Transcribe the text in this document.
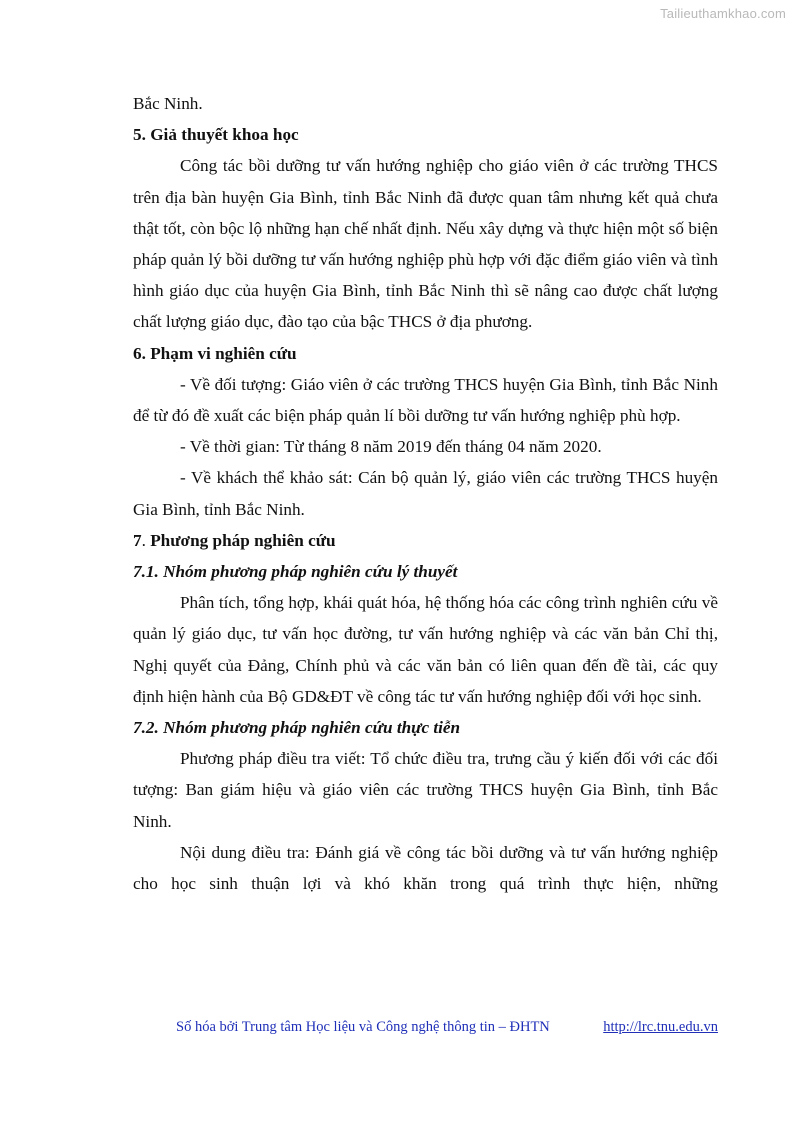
Tailieuthamkhao.com

Bắc Ninh.

5. Giả thuyết khoa học

Công tác bồi dưỡng tư vấn hướng nghiệp cho giáo viên ở các trường THCS trên địa bàn huyện Gia Bình, tỉnh Bắc Ninh đã được quan tâm nhưng kết quả chưa thật tốt, còn bộc lộ những hạn chế nhất định. Nếu xây dựng và thực hiện một số biện pháp quản lý bồi dưỡng tư vấn hướng nghiệp phù hợp với đặc điểm giáo viên và tình hình giáo dục của huyện Gia Bình, tỉnh Bắc Ninh thì sẽ nâng cao được chất lượng chất lượng giáo dục, đào tạo của bậc THCS ở địa phương.

6. Phạm vi nghiên cứu

- Về đối tượng: Giáo viên ở các trường THCS huyện Gia Bình, tỉnh Bắc Ninh để từ đó đề xuất các biện pháp quản lí bồi dưỡng tư vấn hướng nghiệp phù hợp.

- Về thời gian: Từ tháng 8 năm 2019 đến tháng 04 năm 2020.

- Về khách thể khảo sát: Cán bộ quản lý, giáo viên các trường THCS huyện Gia Bình, tỉnh Bắc Ninh.

7. Phương pháp nghiên cứu

7.1. Nhóm phương pháp nghiên cứu lý thuyết

Phân tích, tổng hợp, khái quát hóa, hệ thống hóa các công trình nghiên cứu về quản lý giáo dục, tư vấn học đường, tư vấn hướng nghiệp và các văn bản Chỉ thị, Nghị quyết của Đảng, Chính phủ và các văn bản có liên quan đến đề tài, các quy định hiện hành của Bộ GD&ĐT về công tác tư vấn hướng nghiệp đối với học sinh.

7.2. Nhóm phương pháp nghiên cứu thực tiễn

Phương pháp điều tra viết: Tổ chức điều tra, trưng cầu ý kiến đối với các đối tượng: Ban giám hiệu và giáo viên các trường THCS huyện Gia Bình, tỉnh Bắc Ninh.

Nội dung điều tra: Đánh giá về công tác bồi dưỡng và tư vấn hướng nghiệp cho học sinh thuận lợi và khó khăn trong quá trình thực hiện, những

Số hóa bởi Trung tâm Học liệu và Công nghệ thông tin – ĐHTN	http://lrc.tnu.edu.vn
